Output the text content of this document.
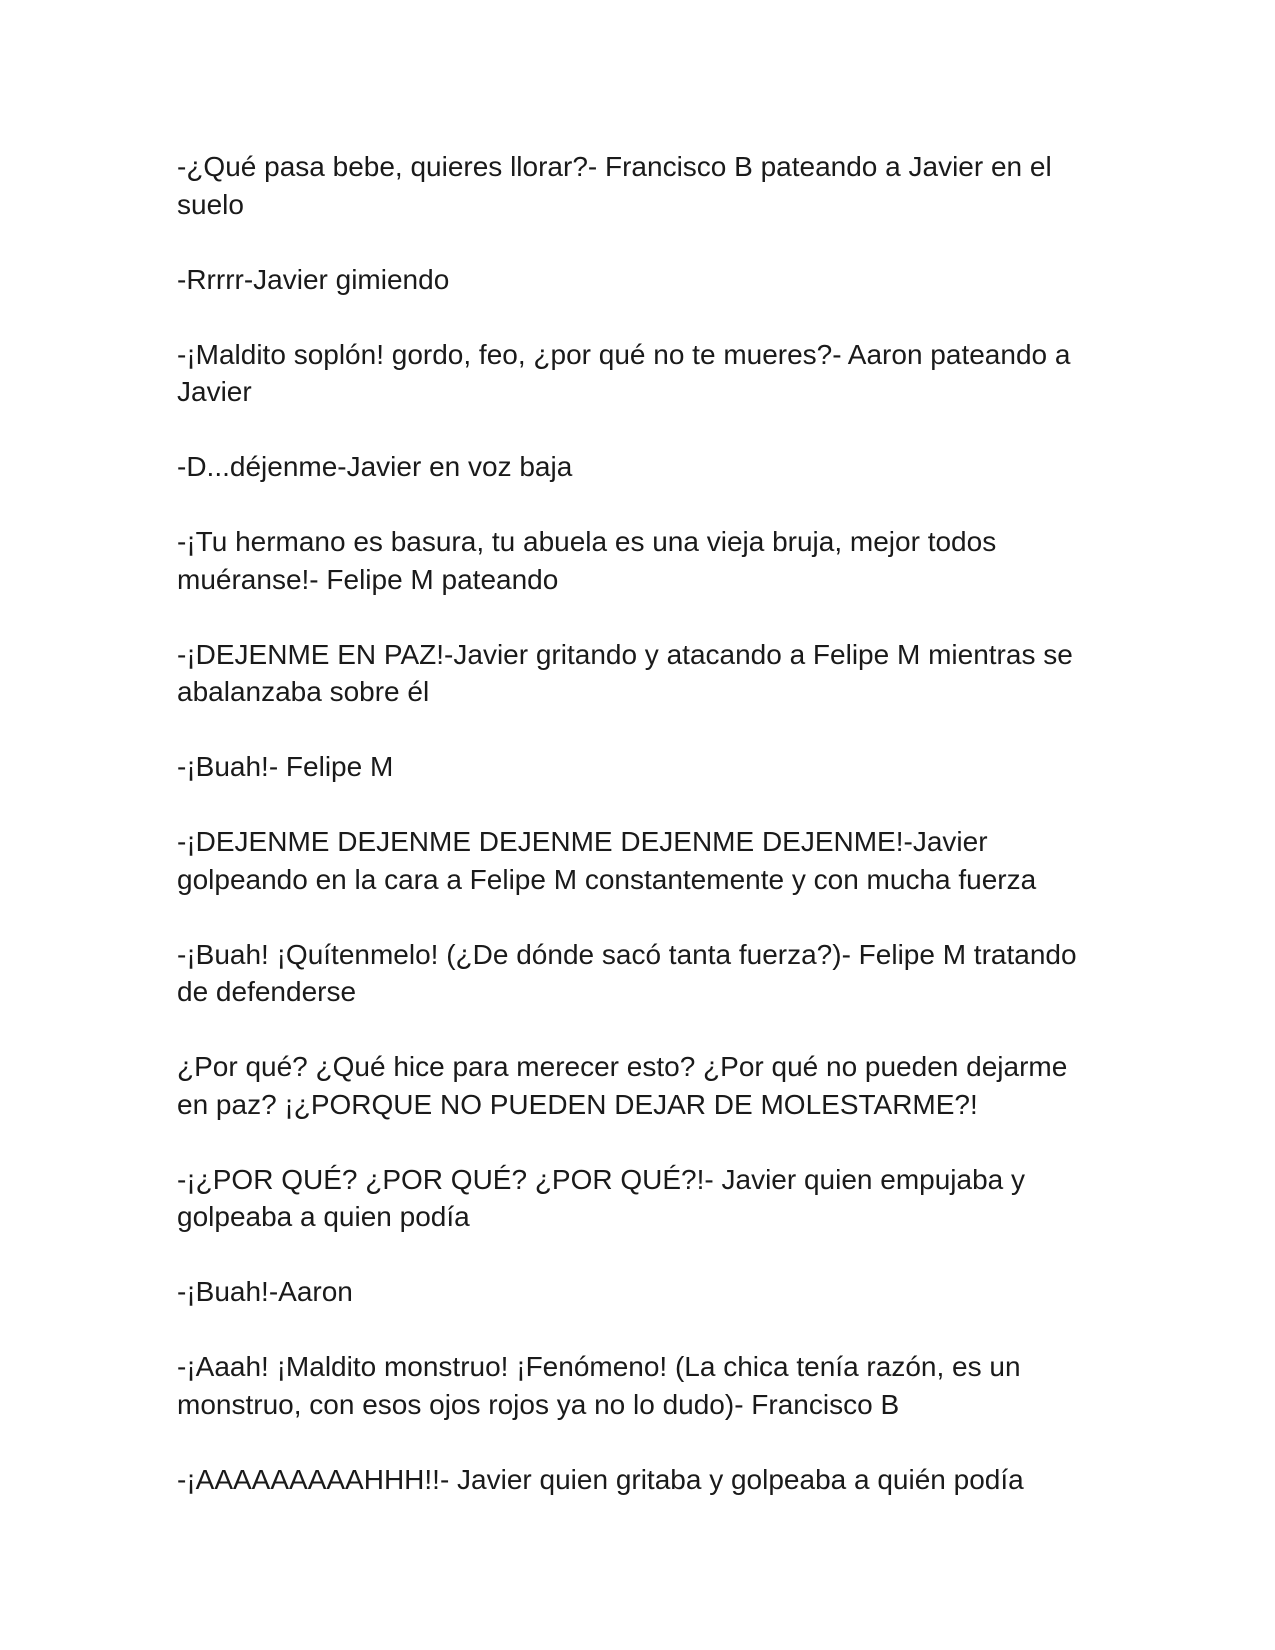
-¿Qué pasa bebe, quieres llorar?- Francisco B pateando a Javier en el suelo

-Rrrrr-Javier gimiendo

-¡Maldito soplón! gordo, feo, ¿por qué no te mueres?- Aaron pateando a Javier

-D...déjenme-Javier en voz baja

-¡Tu hermano es basura, tu abuela es una vieja bruja, mejor todos muéranse!- Felipe M pateando

-¡DEJENME EN PAZ!-Javier gritando y atacando a Felipe M mientras se abalanzaba sobre él

-¡Buah!- Felipe M

-¡DEJENME DEJENME DEJENME DEJENME DEJENME!-Javier golpeando en la cara a Felipe M constantemente y con mucha fuerza

-¡Buah! ¡Quítenmelo! (¿De dónde sacó tanta fuerza?)- Felipe M tratando de defenderse

¿Por qué? ¿Qué hice para merecer esto? ¿Por qué no pueden dejarme en paz? ¡¿PORQUE NO PUEDEN DEJAR DE MOLESTARME?!

-¡¿POR QUÉ? ¿POR QUÉ? ¿POR QUÉ?!- Javier quien empujaba y golpeaba a quien podía

-¡Buah!-Aaron

-¡Aaah! ¡Maldito monstruo! ¡Fenómeno! (La chica tenía razón, es un monstruo, con esos ojos rojos ya no lo dudo)- Francisco B

-¡AAAAAAAAAHHH!!- Javier quien gritaba y golpeaba a quién podía
